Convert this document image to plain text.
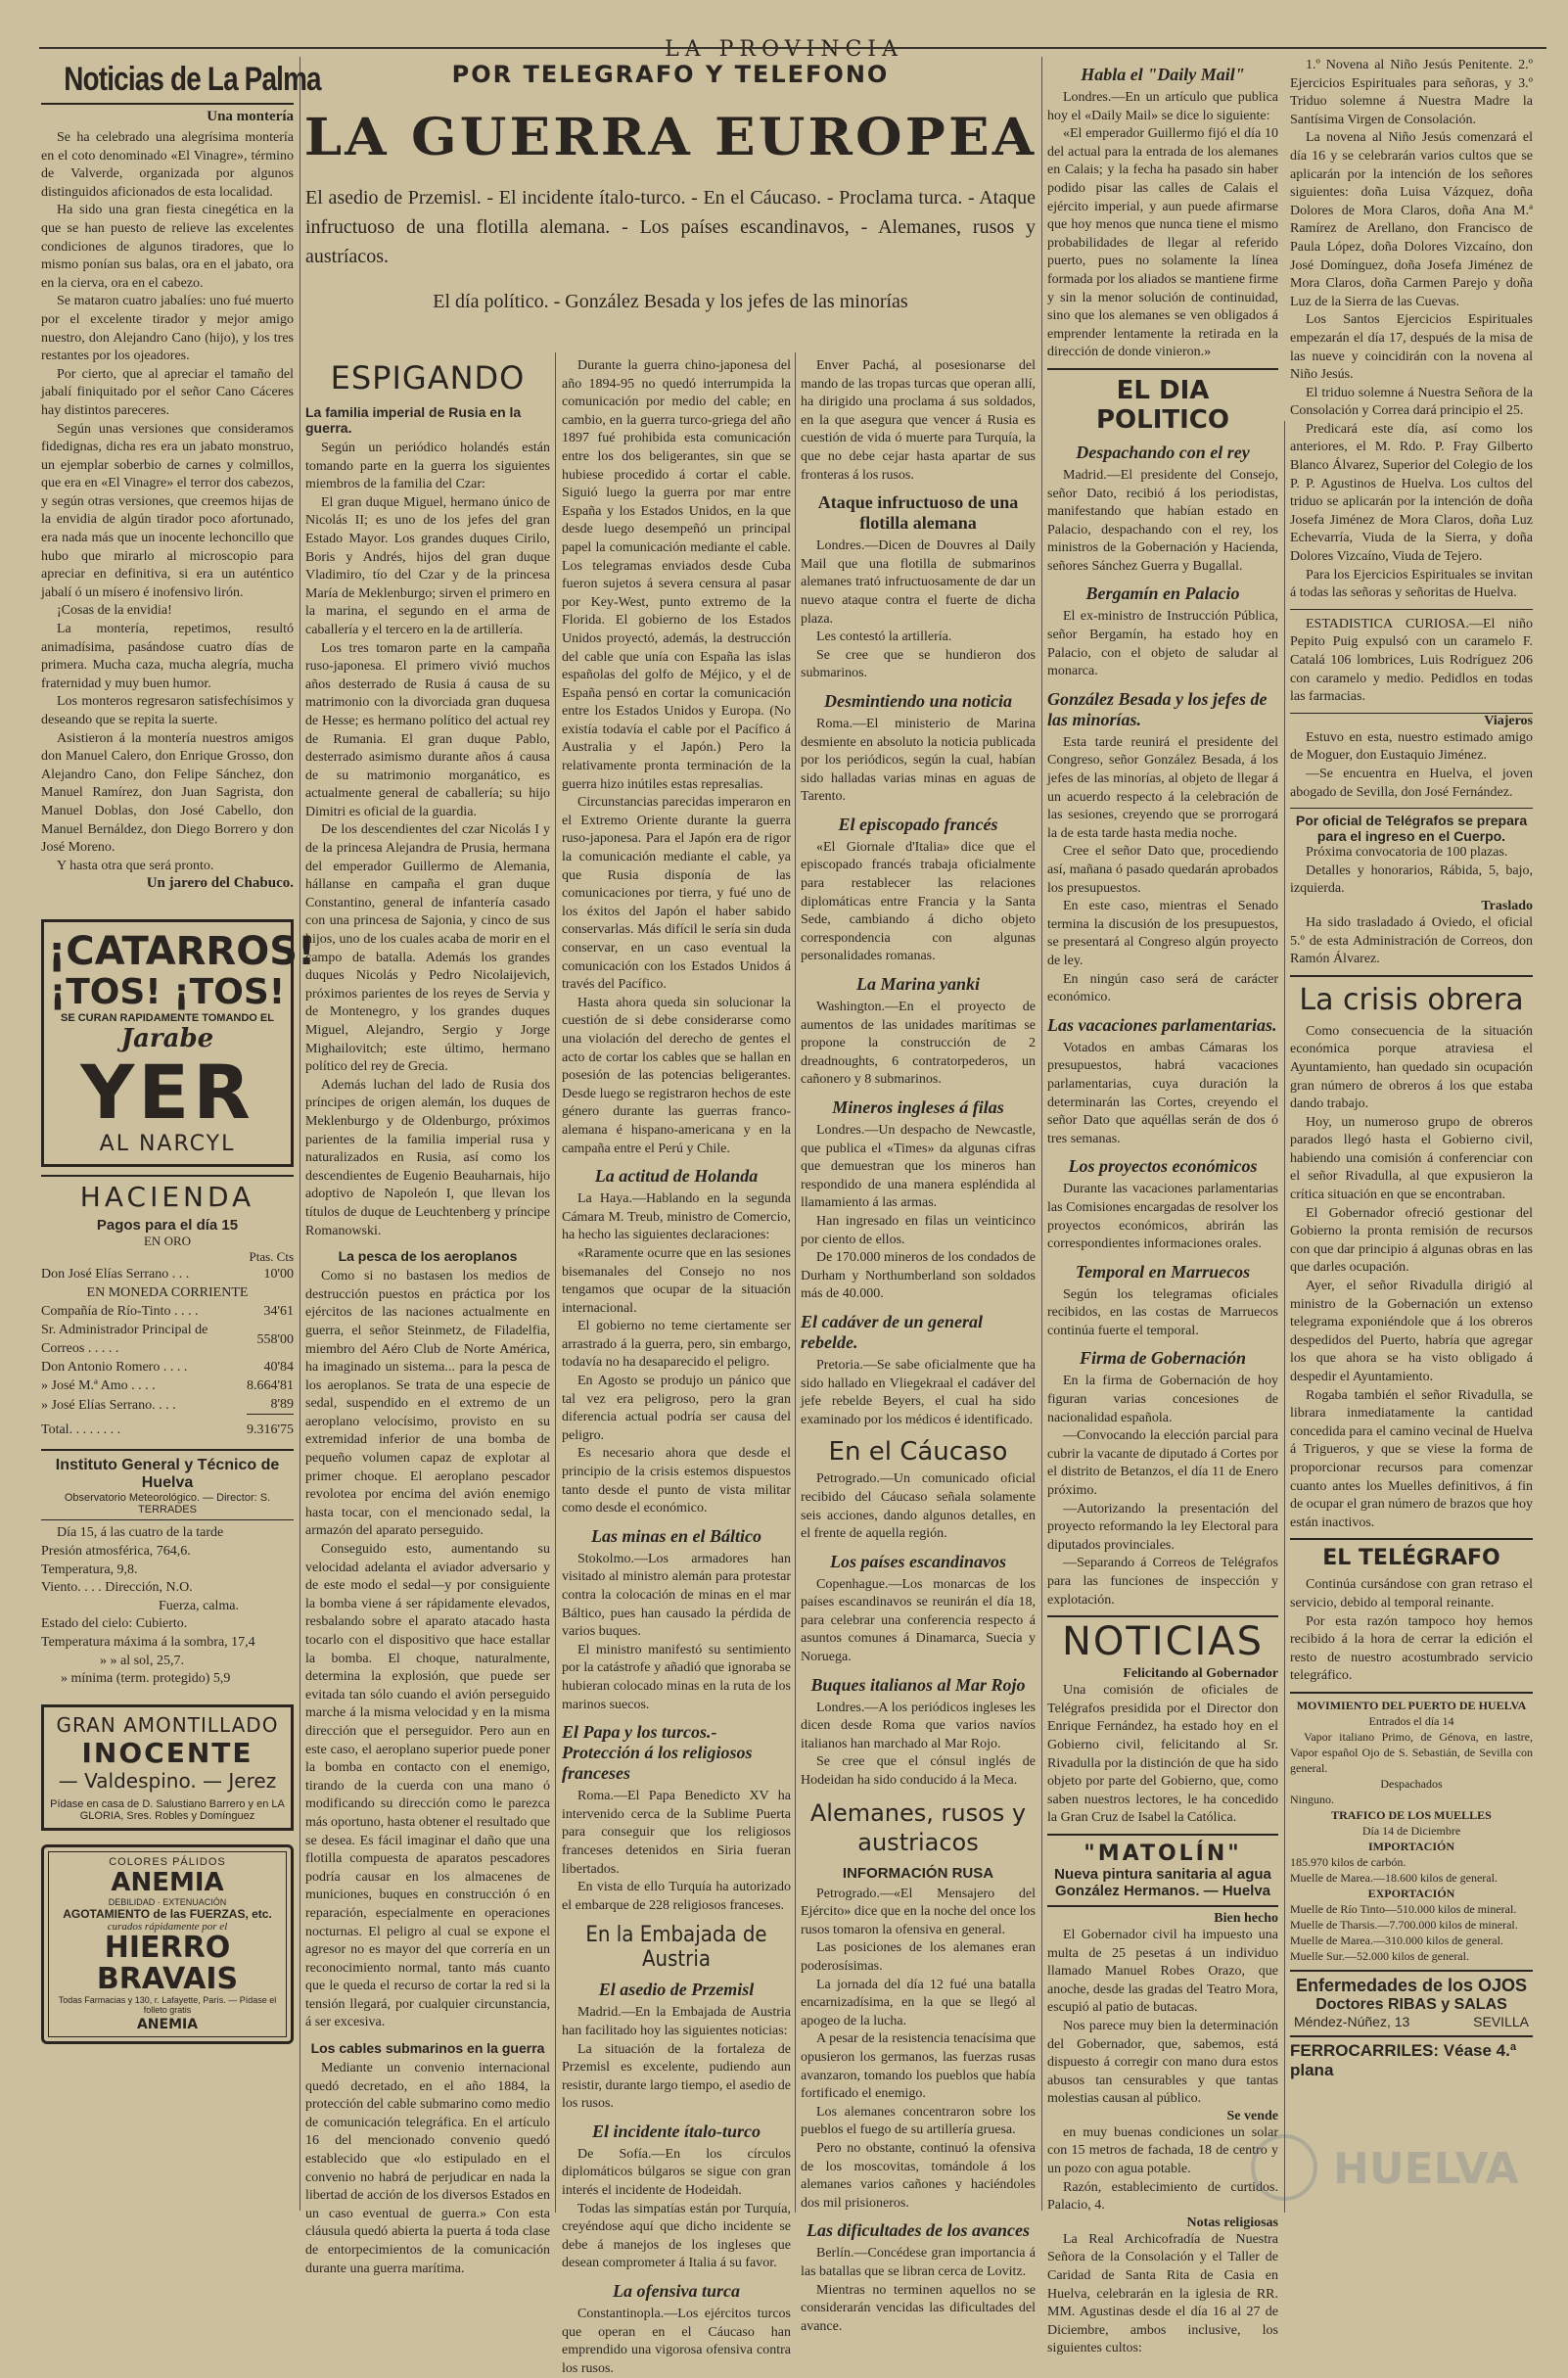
LA PROVINCIA
Noticias de La Palma
Una montería

Se ha celebrado una alegrísima montería en el coto denominado «El Vinagre», término de Valverde, organizada por algunos distinguidos aficionados de esta localidad.

Ha sido una gran fiesta cinegética en la que se han puesto de relieve las excelentes condiciones de algunos tiradores, que lo mismo ponían sus balas, ora en el jabato, ora en la cierva, ora en el cabezo.

Se mataron cuatro jabalíes: uno fué muerto por el excelente tirador y mejor amigo nuestro, don Alejandro Cano (hijo), y los tres restantes por los ojeadores.

Por cierto, que al apreciar el tamaño del jabalí finiquitado por el señor Cano Cáceres hay distintos pareceres.

Según unas versiones que consideramos fidedignas, dicha res era un jabato monstruo, un ejemplar soberbio de carnes y colmillos, que era en «El Vinagre» el terror dos cabezos, y según otras versiones, que creemos hijas de la envidia de algún tirador poco afortunado, era nada más que un inocente lechoncillo que hubo que mirarlo al microscopio para apreciar en definitiva, si era un auténtico jabalí ó un mísero é inofensivo lirón.

¡Cosas de la envidia!

La montería, repetimos, resultó animadísima, pasándose cuatro días de primera. Mucha caza, mucha alegría, mucha fraternidad y muy buen humor.

Los monteros regresaron satisfechísimos y deseando que se repita la suerte.

Asistieron á la montería nuestros amigos don Manuel Calero, don Enrique Grosso, don Alejandro Cano, don Felipe Sánchez, don Manuel Ramírez, don Juan Sagrista, don Manuel Doblas, don José Cabello, don Manuel Bernáldez, don Diego Borrero y don José Moreno.

Y hasta otra que será pronto.

Un jarero del Chabuco.
¡CATARROS!
¡TOS! ¡TOS!
SE CURAN RAPIDAMENTE TOMANDO EL
Jarabe
YER
AL NARCYL
HACIENDA
Pagos para el día 15
EN ORO
Ptas. Cts
Don José Elías Serrano . . .	10'00
EN MONEDA CORRIENTE	
Compañía de Río-Tinto . . . .	34'61
Sr. Administrador Principal de Correos . . . . .	558'00
Don Antonio Romero . . . .	40'84
» José M.ª Amo . . . .	8.664'81
» José Elías Serrano. . . .	8'89
Total. . . . . . . .	9.316'75
Instituto General y Técnico de Huelva
Observatorio Meteorológico. — Director: S. TERRADES

Día 15, á las cuatro de la tarde

Presión atmosférica, 764,6.

Temperatura, 9,8.

Viento. . . . Dirección, N.O.

Fuerza, calma.

Estado del cielo: Cubierto.

Temperatura máxima á la sombra, 17,4

» » al sol, 25,7.

» mínima (term. protegido) 5,9

GRAN AMONTILLADO
INOCENTE
— Valdespino. — Jerez
Pídase en casa de D. Salustiano Barrero y en LA GLORIA, Sres. Robles y Domínguez
COLORES PÁLIDOS
ANEMIA
DEBILIDAD · EXTENUACIÓN
AGOTAMIENTO de las FUERZAS, etc.
curados rápidamente por el
HIERRO
BRAVAIS
Todas Farmacias y 130, r. Lafayette, París. — Pídase el folleto gratis
ANEMIA
POR TELEGRAFO Y TELEFONO
LA GUERRA EUROPEA
El asedio de Przemisl. - El incidente ítalo-turco. - En el Cáucaso. - Proclama turca. - Ataque infructuoso de una flotilla alemana. - Los países escandinavos, - Alemanes, rusos y austríacos.
El día político. - González Besada y los jefes de las minorías
ESPIGANDO
La familia imperial de Rusia en la guerra.

Según un periódico holandés están tomando parte en la guerra los siguientes miembros de la familia del Czar:

El gran duque Miguel, hermano único de Nicolás II; es uno de los jefes del gran Estado Mayor. Los grandes duques Cirilo, Boris y Andrés, hijos del gran duque Vladimiro, tío del Czar y de la princesa María de Meklenburgo; sirven el primero en la marina, el segundo en el arma de caballería y el tercero en la de artillería.

Los tres tomaron parte en la campaña ruso-japonesa. El primero vivió muchos años desterrado de Rusia á causa de su matrimonio con la divorciada gran duquesa de Hesse; es hermano político del actual rey de Rumania. El gran duque Pablo, desterrado asimismo durante años á causa de su matrimonio morganático, es actualmente general de caballería; su hijo Dimitri es oficial de la guardia.

De los descendientes del czar Nicolás I y de la princesa Alejandra de Prusia, hermana del emperador Guillermo de Alemania, hállanse en campaña el gran duque Constantino, general de infantería casado con una princesa de Sajonia, y cinco de sus hijos, uno de los cuales acaba de morir en el campo de batalla. Además los grandes duques Nicolás y Pedro Nicolaijevich, próximos parientes de los reyes de Servia y de Montenegro, y los grandes duques Miguel, Alejandro, Sergio y Jorge Mighailovitch; este último, hermano político del rey de Grecia.

Además luchan del lado de Rusia dos príncipes de origen alemán, los duques de Meklenburgo y de Oldenburgo, próximos parientes de la familia imperial rusa y naturalizados en Rusia, así como los descendientes de Eugenio Beauharnais, hijo adoptivo de Napoleón I, que llevan los títulos de duque de Leuchtenberg y príncipe Romanowski.

La pesca de los aeroplanos

Como si no bastasen los medios de destrucción puestos en práctica por los ejércitos de las naciones actualmente en guerra, el señor Steinmetz, de Filadelfia, miembro del Aéro Club de Norte América, ha imaginado un sistema... para la pesca de los aeroplanos. Se trata de una especie de sedal, suspendido en el extremo de un aeroplano velocísimo, provisto en su extremidad inferior de una bomba de pequeño volumen capaz de explotar al primer choque. El aeroplano pescador revolotea por encima del avión enemigo hasta tocar, con el mencionado sedal, la armazón del aparato perseguido.

Conseguido esto, aumentando su velocidad adelanta el aviador adversario y de este modo el sedal—y por consiguiente la bomba viene á ser rápidamente elevados, resbalando sobre el aparato atacado hasta tocarlo con el dispositivo que hace estallar la bomba. El choque, naturalmente, determina la explosión, que puede ser evitada tan sólo cuando el avión perseguido marche á la misma velocidad y en la misma dirección que el perseguidor. Pero aun en este caso, el aeroplano superior puede poner la bomba en contacto con el enemigo, tirando de la cuerda con una mano ó modificando su dirección como le parezca más oportuno, hasta obtener el resultado que se desea. Es fácil imaginar el daño que una flotilla compuesta de aparatos pescadores podría causar en los almacenes de municiones, buques en construcción ó en reparación, especialmente en operaciones nocturnas. El peligro al cual se expone el agresor no es mayor del que correría en un reconocimiento normal, tanto más cuanto que le queda el recurso de cortar la red si la tensión llegará, por cualquier circunstancia, á ser excesiva.

Los cables submarinos en la guerra

Mediante un convenio internacional quedó decretado, en el año 1884, la protección del cable submarino como medio de comunicación telegráfica. En el artículo 16 del mencionado convenio quedó establecido que «lo estipulado en el convenio no habrá de perjudicar en nada la libertad de acción de los diversos Estados en un caso eventual de guerra.» Con esta cláusula quedó abierta la puerta á toda clase de entorpecimientos de la comunicación durante una guerra marítima.

Durante la guerra chino-japonesa del año 1894-95 no quedó interrumpida la comunicación por medio del cable; en cambio, en la guerra turco-griega del año 1897 fué prohibida esta comunicación entre los dos beligerantes, sin que se hubiese procedido á cortar el cable. Siguió luego la guerra por mar entre España y los Estados Unidos, en la que desde luego desempeñó un principal papel la comunicación mediante el cable. Los telegramas enviados desde Cuba fueron sujetos á severa censura al pasar por Key-West, punto extremo de la Florida. El gobierno de los Estados Unidos proyectó, además, la destrucción del cable que unía con España las islas españolas del golfo de Méjico, y el de España pensó en cortar la comunicación entre los Estados Unidos y Europa. (No existía todavía el cable por el Pacífico á Australia y el Japón.) Pero la relativamente pronta terminación de la guerra hizo inútiles estas represalias.

Circunstancias parecidas imperaron en el Extremo Oriente durante la guerra ruso-japonesa. Para el Japón era de rigor la comunicación mediante el cable, ya que Rusia disponía de las comunicaciones por tierra, y fué uno de los éxitos del Japón el haber sabido conservarlas. Más difícil le sería sin duda conservar, en un caso eventual la comunicación con los Estados Unidos á través del Pacífico.

Hasta ahora queda sin solucionar la cuestión de si debe considerarse como una violación del derecho de gentes el acto de cortar los cables que se hallan en posesión de las potencias beligerantes. Desde luego se registraron hechos de este género durante las guerras franco-alemana é hispano-americana y en la campaña entre el Perú y Chile.

La actitud de Holanda

La Haya.—Hablando en la segunda Cámara M. Treub, ministro de Comercio, ha hecho las siguientes declaraciones:

«Raramente ocurre que en las sesiones bisemanales del Consejo no nos tengamos que ocupar de la situación internacional.

El gobierno no teme ciertamente ser arrastrado á la guerra, pero, sin embargo, todavía no ha desaparecido el peligro.

En Agosto se produjo un pánico que tal vez era peligroso, pero la gran diferencia actual podría ser causa del peligro.

Es necesario ahora que desde el principio de la crisis estemos dispuestos tanto desde el punto de vista militar como desde el económico.

Las minas en el Báltico

Stokolmo.—Los armadores han visitado al ministro alemán para protestar contra la colocación de minas en el mar Báltico, pues han causado la pérdida de varios buques.

El ministro manifestó su sentimiento por la catástrofe y añadió que ignoraba se hubieran colocado minas en la ruta de los marinos suecos.

El Papa y los turcos.-Protección á los religiosos franceses

Roma.—El Papa Benedicto XV ha intervenido cerca de la Sublime Puerta para conseguir que los religiosos franceses detenidos en Siria fueran libertados.

En vista de ello Turquía ha autorizado el embarque de 228 religiosos franceses.

En la Embajada de Austria
El asedio de Przemisl

Madrid.—En la Embajada de Austria han facilitado hoy las siguientes noticias:

La situación de la fortaleza de Przemisl es excelente, pudiendo aun resistir, durante largo tiempo, el asedio de los rusos.

El incidente ítalo-turco

De Sofía.—En los círculos diplomáticos búlgaros se sigue con gran interés el incidente de Hodeidah.

Todas las simpatías están por Turquía, creyéndose aquí que dicho incidente se debe á manejos de los ingleses que desean comprometer á Italia á su favor.

La ofensiva turca

Constantinopla.—Los ejércitos turcos que operan en el Cáucaso han emprendido una vigorosa ofensiva contra los rusos.

Enver Pachá, al posesionarse del mando de las tropas turcas que operan allí, ha dirigido una proclama á sus soldados, en la que asegura que vencer á Rusia es cuestión de vida ó muerte para Turquía, la que no debe cejar hasta apartar de sus fronteras á los rusos.

Ataque infructuoso de una flotilla alemana

Londres.—Dicen de Douvres al Daily Mail que una flotilla de submarinos alemanes trató infructuosamente de dar un nuevo ataque contra el fuerte de dicha plaza.

Les contestó la artillería.

Se cree que se hundieron dos submarinos.

Desmintiendo una noticia

Roma.—El ministerio de Marina desmiente en absoluto la noticia publicada por los periódicos, según la cual, habían sido halladas varias minas en aguas de Tarento.

El episcopado francés

«El Giornale d'Italia» dice que el episcopado francés trabaja oficialmente para restablecer las relaciones diplomáticas entre Francia y la Santa Sede, cambiando á dicho objeto correspondencia con algunas personalidades romanas.

La Marina yanki

Washington.—En el proyecto de aumentos de las unidades marítimas se propone la construcción de 2 dreadnoughts, 6 contratorpederos, un cañonero y 8 submarinos.

Mineros ingleses á filas

Londres.—Un despacho de Newcastle, que publica el «Times» da algunas cifras que demuestran que los mineros han respondido de una manera espléndida al llamamiento á las armas.

Han ingresado en filas un veinticinco por ciento de ellos.

De 170.000 mineros de los condados de Durham y Northumberland son soldados más de 40.000.

El cadáver de un general rebelde.

Pretoria.—Se sabe oficialmente que ha sido hallado en Vliegekraal el cadáver del jefe rebelde Beyers, el cual ha sido examinado por los médicos é identificado.

En el Cáucaso

Petrogrado.—Un comunicado oficial recibido del Cáucaso señala solamente seis acciones, dando algunos detalles, en el frente de aquella región.

Los países escandinavos

Copenhague.—Los monarcas de los países escandinavos se reunirán el día 18, para celebrar una conferencia respecto á asuntos comunes á Dinamarca, Suecia y Noruega.

Buques italianos al Mar Rojo

Londres.—A los periódicos ingleses les dicen desde Roma que varios navíos italianos han marchado al Mar Rojo.

Se cree que el cónsul inglés de Hodeidan ha sido conducido á la Meca.

Alemanes, rusos y austriacos
INFORMACIÓN RUSA

Petrogrado.—«El Mensajero del Ejército» dice que en la noche del once los rusos tomaron la ofensiva en general.

Las posiciones de los alemanes eran poderosísimas.

La jornada del día 12 fué una batalla encarnizadísima, en la que se llegó al apogeo de la lucha.

A pesar de la resistencia tenacísima que opusieron los germanos, las fuerzas rusas avanzaron, tomando los pueblos que había fortificado el enemigo.

Los alemanes concentraron sobre los pueblos el fuego de su artillería gruesa.

Pero no obstante, continuó la ofensiva de los moscovitas, tomándole á los alemanes varios cañones y haciéndoles dos mil prisioneros.

Las dificultades de los avances

Berlín.—Concédese gran importancia á las batallas que se libran cerca de Lovitz.

Mientras no terminen aquellos no se considerarán vencidas las dificultades del avance.

Habla el "Daily Mail"

Londres.—En un artículo que publica hoy el «Daily Mail» se dice lo siguiente:

«El emperador Guillermo fijó el día 10 del actual para la entrada de los alemanes en Calais; y la fecha ha pasado sin haber podido pisar las calles de Calais el ejército imperial, y aun puede afirmarse que hoy menos que nunca tiene el mismo probabilidades de llegar al referido puerto, pues no solamente la línea formada por los aliados se mantiene firme y sin la menor solución de continuidad, sino que los alemanes se ven obligados á emprender lentamente la retirada en la dirección de donde vinieron.»

EL DIA POLITICO
Despachando con el rey

Madrid.—El presidente del Consejo, señor Dato, recibió á los periodistas, manifestando que habían estado en Palacio, despachando con el rey, los ministros de la Gobernación y Hacienda, señores Sánchez Guerra y Bugallal.

Bergamín en Palacio

El ex-ministro de Instrucción Pública, señor Bergamín, ha estado hoy en Palacio, con el objeto de saludar al monarca.

González Besada y los jefes de las minorías.

Esta tarde reunirá el presidente del Congreso, señor González Besada, á los jefes de las minorías, al objeto de llegar á un acuerdo respecto á la celebración de las sesiones, creyendo que se prorrogará la de esta tarde hasta media noche.

Cree el señor Dato que, procediendo así, mañana ó pasado quedarán aprobados los presupuestos.

En este caso, mientras el Senado termina la discusión de los presupuestos, se presentará al Congreso algún proyecto de ley.

En ningún caso será de carácter económico.

Las vacaciones parlamentarias.

Votados en ambas Cámaras los presupuestos, habrá vacaciones parlamentarias, cuya duración la determinarán las Cortes, creyendo el señor Dato que aquéllas serán de dos ó tres semanas.

Los proyectos económicos

Durante las vacaciones parlamentarias las Comisiones encargadas de resolver los proyectos económicos, abrirán las correspondientes informaciones orales.

Temporal en Marruecos

Según los telegramas oficiales recibidos, en las costas de Marruecos continúa fuerte el temporal.

Firma de Gobernación

En la firma de Gobernación de hoy figuran varias concesiones de nacionalidad española.

—Convocando la elección parcial para cubrir la vacante de diputado á Cortes por el distrito de Betanzos, el día 11 de Enero próximo.

—Autorizando la presentación del proyecto reformando la ley Electoral para diputados provinciales.

—Separando á Correos de Telégrafos para las funciones de inspección y explotación.

NOTICIAS
Felicitando al Gobernador

Una comisión de oficiales de Telégrafos presidida por el Director don Enrique Fernández, ha estado hoy en el Gobierno civil, felicitando al Sr. Rivadulla por la distinción de que ha sido objeto por parte del Gobierno, que, como saben nuestros lectores, le ha concedido la Gran Cruz de Isabel la Católica.

"MATOLÍN"
Nueva pintura sanitaria al agua
González Hermanos. — Huelva
Bien hecho

El Gobernador civil ha impuesto una multa de 25 pesetas á un individuo llamado Manuel Robes Orazo, que anoche, desde las gradas del Teatro Mora, escupió al patio de butacas.

Nos parece muy bien la determinación del Gobernador, que, sabemos, está dispuesto á corregir con mano dura estos abusos tan censurables y que tantas molestias causan al público.

Se vende

en muy buenas condiciones un solar con 15 metros de fachada, 18 de centro y un pozo con agua potable.

Razón, establecimiento de curtidos. Palacio, 4.

Notas religiosas

La Real Archicofradía de Nuestra Señora de la Consolación y el Taller de Caridad de Santa Rita de Casia en Huelva, celebrarán en la iglesia de RR. MM. Agustinas desde el día 16 al 27 de Diciembre, ambos inclusive, los siguientes cultos:

1.º Novena al Niño Jesús Penitente. 2.º Ejercicios Espirituales para señoras, y 3.º Triduo solemne á Nuestra Madre la Santísima Virgen de Consolación.

La novena al Niño Jesús comenzará el día 16 y se celebrarán varios cultos que se aplicarán por la intención de los señores siguientes: doña Luisa Vázquez, doña Dolores de Mora Claros, doña Ana M.ª Ramírez de Arellano, don Francisco de Paula López, doña Dolores Vizcaíno, don José Domínguez, doña Josefa Jiménez de Mora Claros, doña Carmen Parejo y doña Luz de la Sierra de las Cuevas.

Los Santos Ejercicios Espirituales empezarán el día 17, después de la misa de las nueve y coincidirán con la novena al Niño Jesús.

El triduo solemne á Nuestra Señora de la Consolación y Correa dará principio el 25.

Predicará este día, así como los anteriores, el M. Rdo. P. Fray Gilberto Blanco Álvarez, Superior del Colegio de los P. P. Agustinos de Huelva. Los cultos del triduo se aplicarán por la intención de doña Josefa Jiménez de Mora Claros, doña Luz Echevarría, Viuda de la Sierra, y doña Dolores Vizcaíno, Viuda de Tejero.

Para los Ejercicios Espirituales se invitan á todas las señoras y señoritas de Huelva.

ESTADISTICA CURIOSA.—El niño Pepito Puig expulsó con un caramelo F. Catalá 106 lombrices, Luis Rodríguez 206 con caramelo y medio. Pedidlos en todas las farmacias.

Viajeros

Estuvo en esta, nuestro estimado amigo de Moguer, don Eustaquio Jiménez.

—Se encuentra en Huelva, el joven abogado de Sevilla, don José Fernández.

Por oficial de Telégrafos se prepara para el ingreso en el Cuerpo.

Próxima convocatoria de 100 plazas.

Detalles y honorarios, Rábida, 5, bajo, izquierda.

Traslado

Ha sido trasladado á Oviedo, el oficial 5.º de esta Administración de Correos, don Ramón Álvarez.

La crisis obrera

Como consecuencia de la situación económica porque atraviesa el Ayuntamiento, han quedado sin ocupación gran número de obreros á los que estaba dando trabajo.

Hoy, un numeroso grupo de obreros parados llegó hasta el Gobierno civil, habiendo una comisión á conferenciar con el señor Rivadulla, al que expusieron la crítica situación en que se encontraban.

El Gobernador ofreció gestionar del Gobierno la pronta remisión de recursos con que dar principio á algunas obras en las que darles ocupación.

Ayer, el señor Rivadulla dirigió al ministro de la Gobernación un extenso telegrama exponiéndole que á los obreros despedidos del Puerto, habría que agregar los que ahora se ha visto obligado á despedir el Ayuntamiento.

Rogaba también el señor Rivadulla, se librara inmediatamente la cantidad concedida para el camino vecinal de Huelva á Trigueros, y que se viese la forma de proporcionar recursos para comenzar cuanto antes los Muelles definitivos, á fin de ocupar el gran número de brazos que hoy están inactivos.

EL TELÉGRAFO

Continúa cursándose con gran retraso el servicio, debido al temporal reinante.

Por esta razón tampoco hoy hemos recibido á la hora de cerrar la edición el resto de nuestro acostumbrado servicio telegráfico.

MOVIMIENTO DEL PUERTO DE HUELVA
Entrados el día 14
Vapor italiano Primo, de Génova, en lastre, Vapor español Ojo de S. Sebastián, de Sevilla con general.
Despachados
Ninguno.
TRAFICO DE LOS MUELLES
Día 14 de Diciembre
IMPORTACIÓN
185.970 kilos de carbón.
Muelle de Marea.—18.600 kilos de general.
EXPORTACIÓN
Muelle de Río Tinto—510.000 kilos de mineral.
Muelle de Tharsis.—7.700.000 kilos de mineral.
Muelle de Marea.—310.000 kilos de general.
Muelle Sur.—52.000 kilos de general.
Enfermedades de los OJOS
Doctores RIBAS y SALAS
Méndez-Núñez, 13	SEVILLA
FERROCARRILES: Véase 4.ª plana
HUELVA
